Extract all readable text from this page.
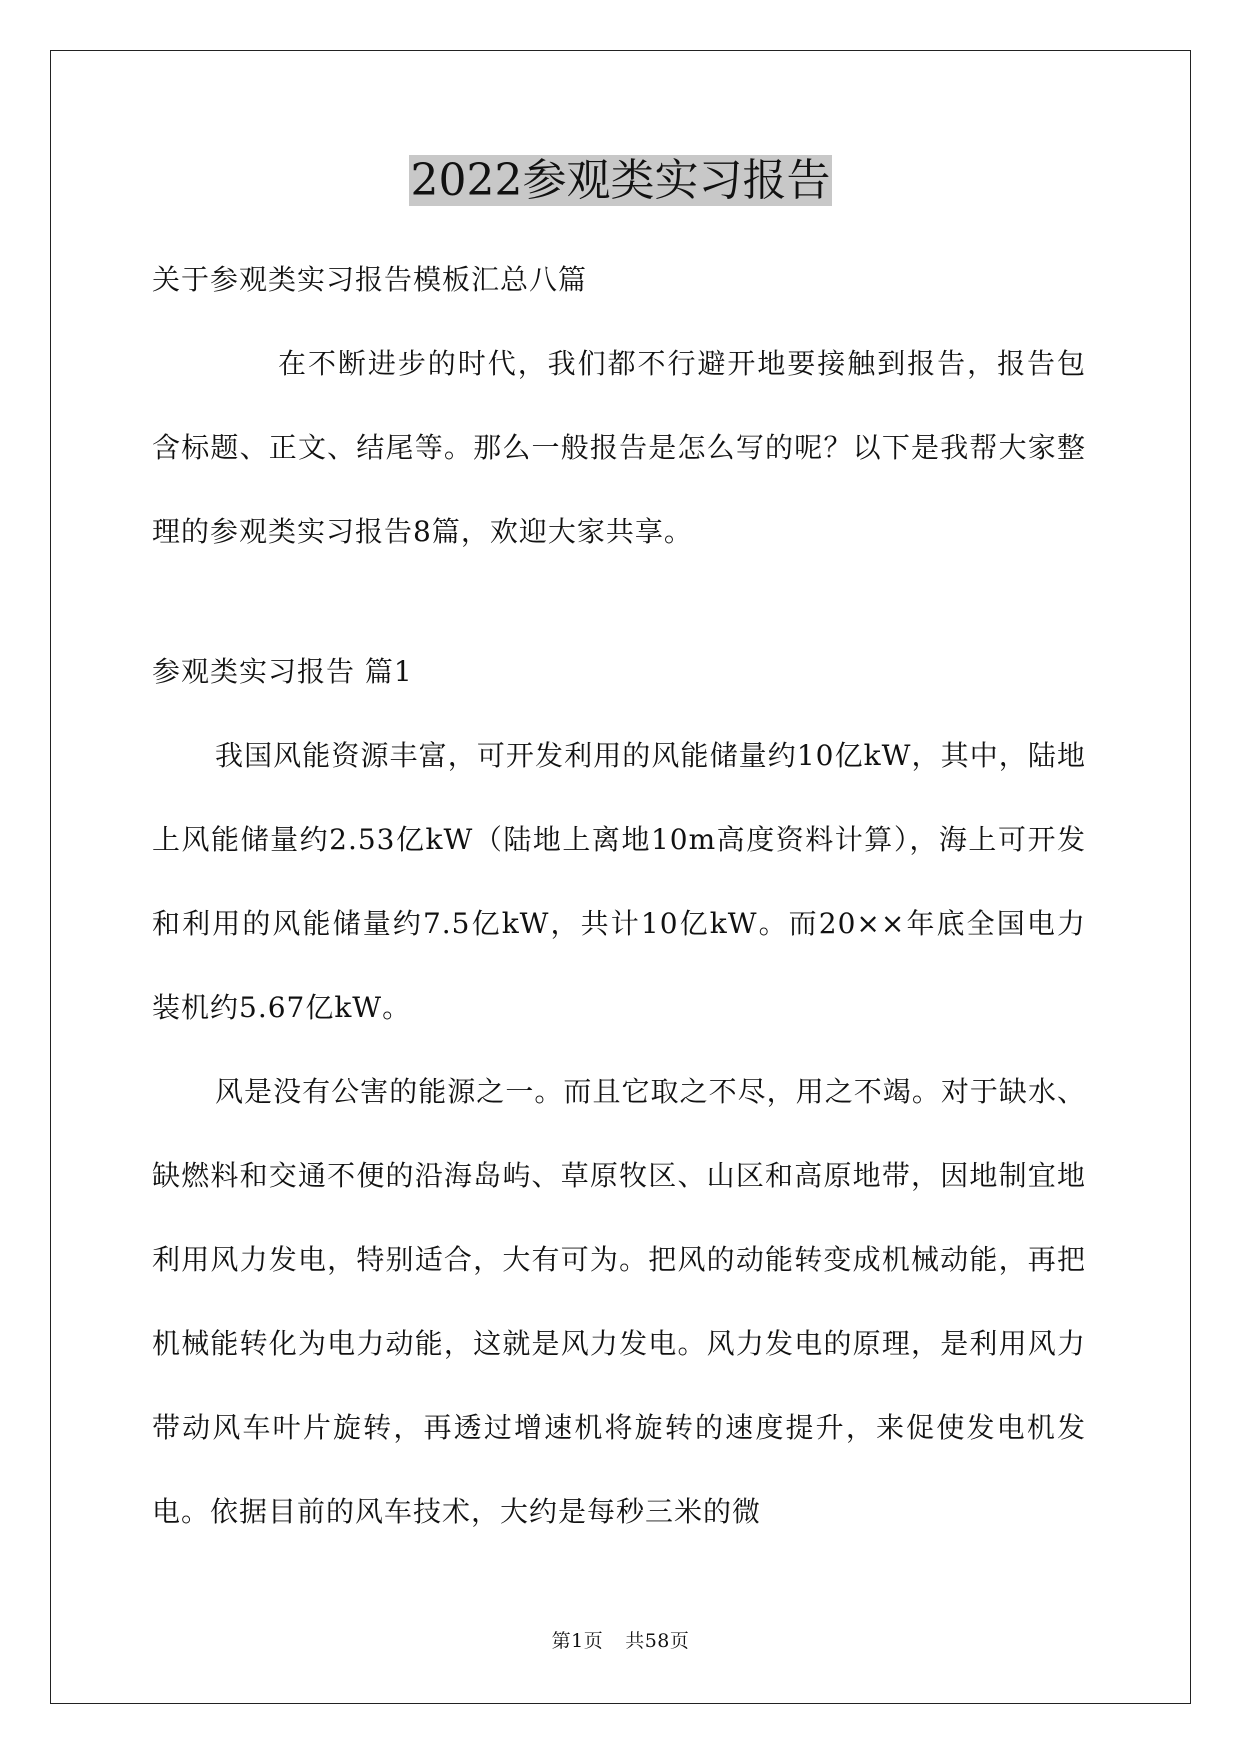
2022参观类实习报告

关于参观类实习报告模板汇总八篇

在不断进步的时代，我们都不行避开地要接触到报告，报告包含标题、正文、结尾等。那么一般报告是怎么写的呢？以下是我帮大家整理的参观类实习报告8篇，欢迎大家共享。

参观类实习报告 篇1

我国风能资源丰富，可开发利用的风能储量约10亿kW，其中，陆地上风能储量约2.53亿kW（陆地上离地10m高度资料计算），海上可开发和利用的风能储量约7.5亿kW，共计10亿kW。而20××年底全国电力装机约5.67亿kW。

风是没有公害的能源之一。而且它取之不尽，用之不竭。对于缺水、缺燃料和交通不便的沿海岛屿、草原牧区、山区和高原地带，因地制宜地利用风力发电，特别适合，大有可为。把风的动能转变成机械动能，再把机械能转化为电力动能，这就是风力发电。风力发电的原理，是利用风力带动风车叶片旋转，再透过增速机将旋转的速度提升，来促使发电机发电。依据目前的风车技术，大约是每秒三米的微

第1页 共58页
